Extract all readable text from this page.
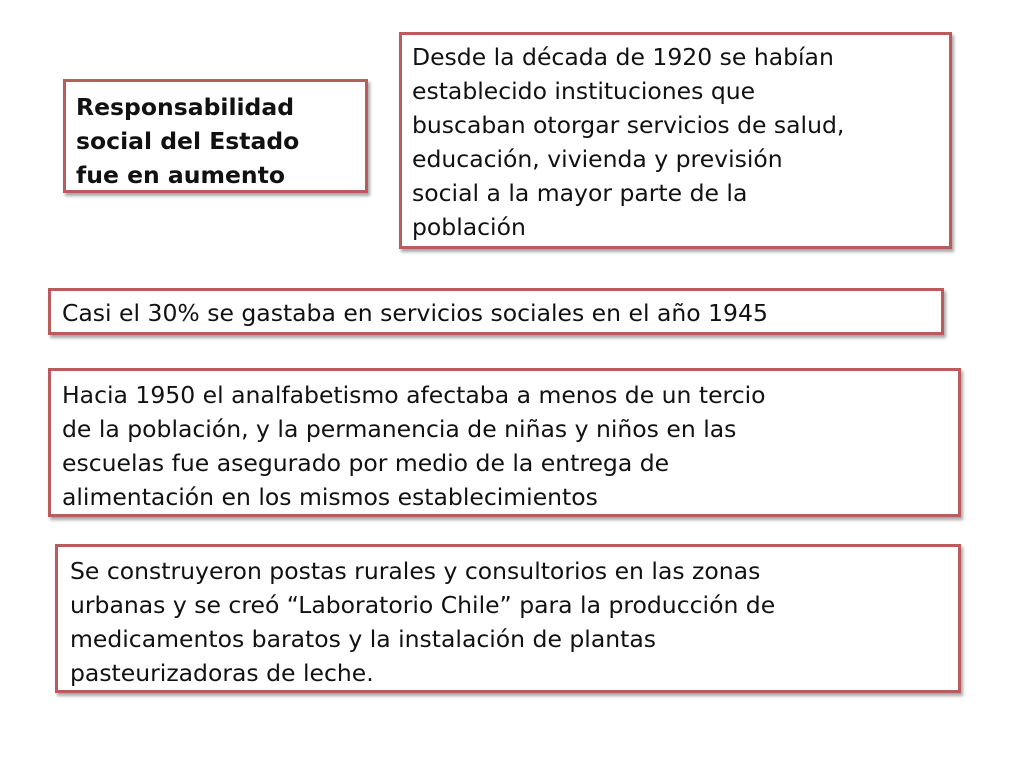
Responsabilidad
social del Estado
fue en aumento
Desde la década de 1920 se habían
establecido instituciones que
buscaban otorgar servicios de salud,
educación, vivienda y previsión
social a la mayor parte de la
población
Casi el 30% se gastaba en servicios sociales en el año 1945
Hacia 1950 el analfabetismo afectaba a menos de un tercio
de la población, y la permanencia de niñas y niños en las
escuelas fue asegurado por medio de la entrega de
alimentación en los mismos establecimientos
Se construyeron postas rurales y consultorios en las zonas
urbanas y se creó “Laboratorio Chile” para la producción de
medicamentos baratos y la instalación de plantas
pasteurizadoras de leche.
